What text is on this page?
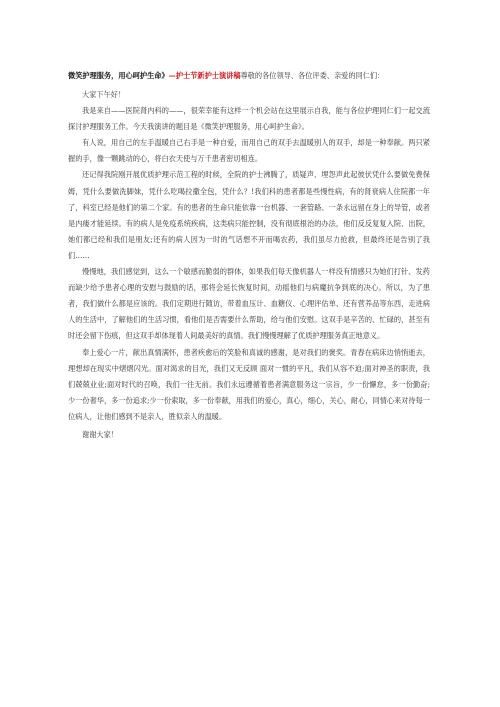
微笑护理服务，用心呵护生命》—护士节新护士演讲稿尊敬的各位领导、各位评委、亲爱的同仁们：

大家下午好！

我是来自——医院肾内科的——，很荣幸能有这样一个机会站在这里展示自我，能与各位护理同仁们一起交流探讨护理服务工作。今天我演讲的题目是《微笑护理服务，用心呵护生命》。

有人说，用自己的左手温暖自己右手是一种自爱，而用自己的双手去温暖别人的双手，却是一种奉献。两只紧握的手，像一颗跳动的心，将白衣天使与万千患者密切相连。

还记得我院刚开展优质护理示范工程的时候，全院的护士沸腾了，质疑声、埋怨声此起彼伏凭什么要做免费保姆，凭什么要做洗脚妹，凭什么吃喝拉撒全包，凭什么？!我们科的患者都是些慢性病，有的肾衰病人住院都一年了，科室已经是他们的第二个家。有的患者的生命只能依靠一台机器、一套管路、一条永远留在身上的导管，或者是内瘘才能延续。有的病人是免疫系统疾病，这类病只能控制，没有彻底根治的办法，他们反反复复入院、出院，她们都已经和我们是朋友;还有的病人因为一时的气话想不开而喝农药，我们虽尽力抢救，但最终还是告别了我们……

慢慢地，我们感觉到，这么一个敏感而脆弱的群体，如果我们每天像机器人一样没有情感只为她们打针、发药而缺少给予患者心理的安慰与鼓励的话，那将会延长恢复时间，动摇他们与病魔抗争到底的决心。所以，为了患者，我们做什么都是应该的。我们定期进行随访，带着血压计、血糖仪、心理评估单、还有营养品等东西，走进病人的生活中，了解他们的生活习惯，看他们是否需要什么帮助，给与他们安慰。这双手是辛苦的、忙碌的，甚至有时还会留下伤痕，但这双手却体现着人间最美好的真情。我们慢慢理解了优质护理服务真正地意义。

奉上爱心一片，献出真情满怀，患者疾愈后的笑脸和真诚的感谢，是对我们的褒奖。青春在病床边悄悄逝去，理想却在现实中熠熠闪光。面对渴求的目光，我们又无反顾 面对一惯的平凡，我们从容不迫;面对神圣的职责，我们兢兢业业;面对时代的召唤，我们一往无前。我们永远遵循着患者满意服务这一宗旨，少一份懈怠，多一份勤奋;少一份奢华，多一份追求;少一份索取，多一份奉献，用我们的爱心，真心，细心，关心，耐心，同情心来对待每一位病人，让他们感到不是亲人，胜似亲人的温暖。

谢谢大家！
